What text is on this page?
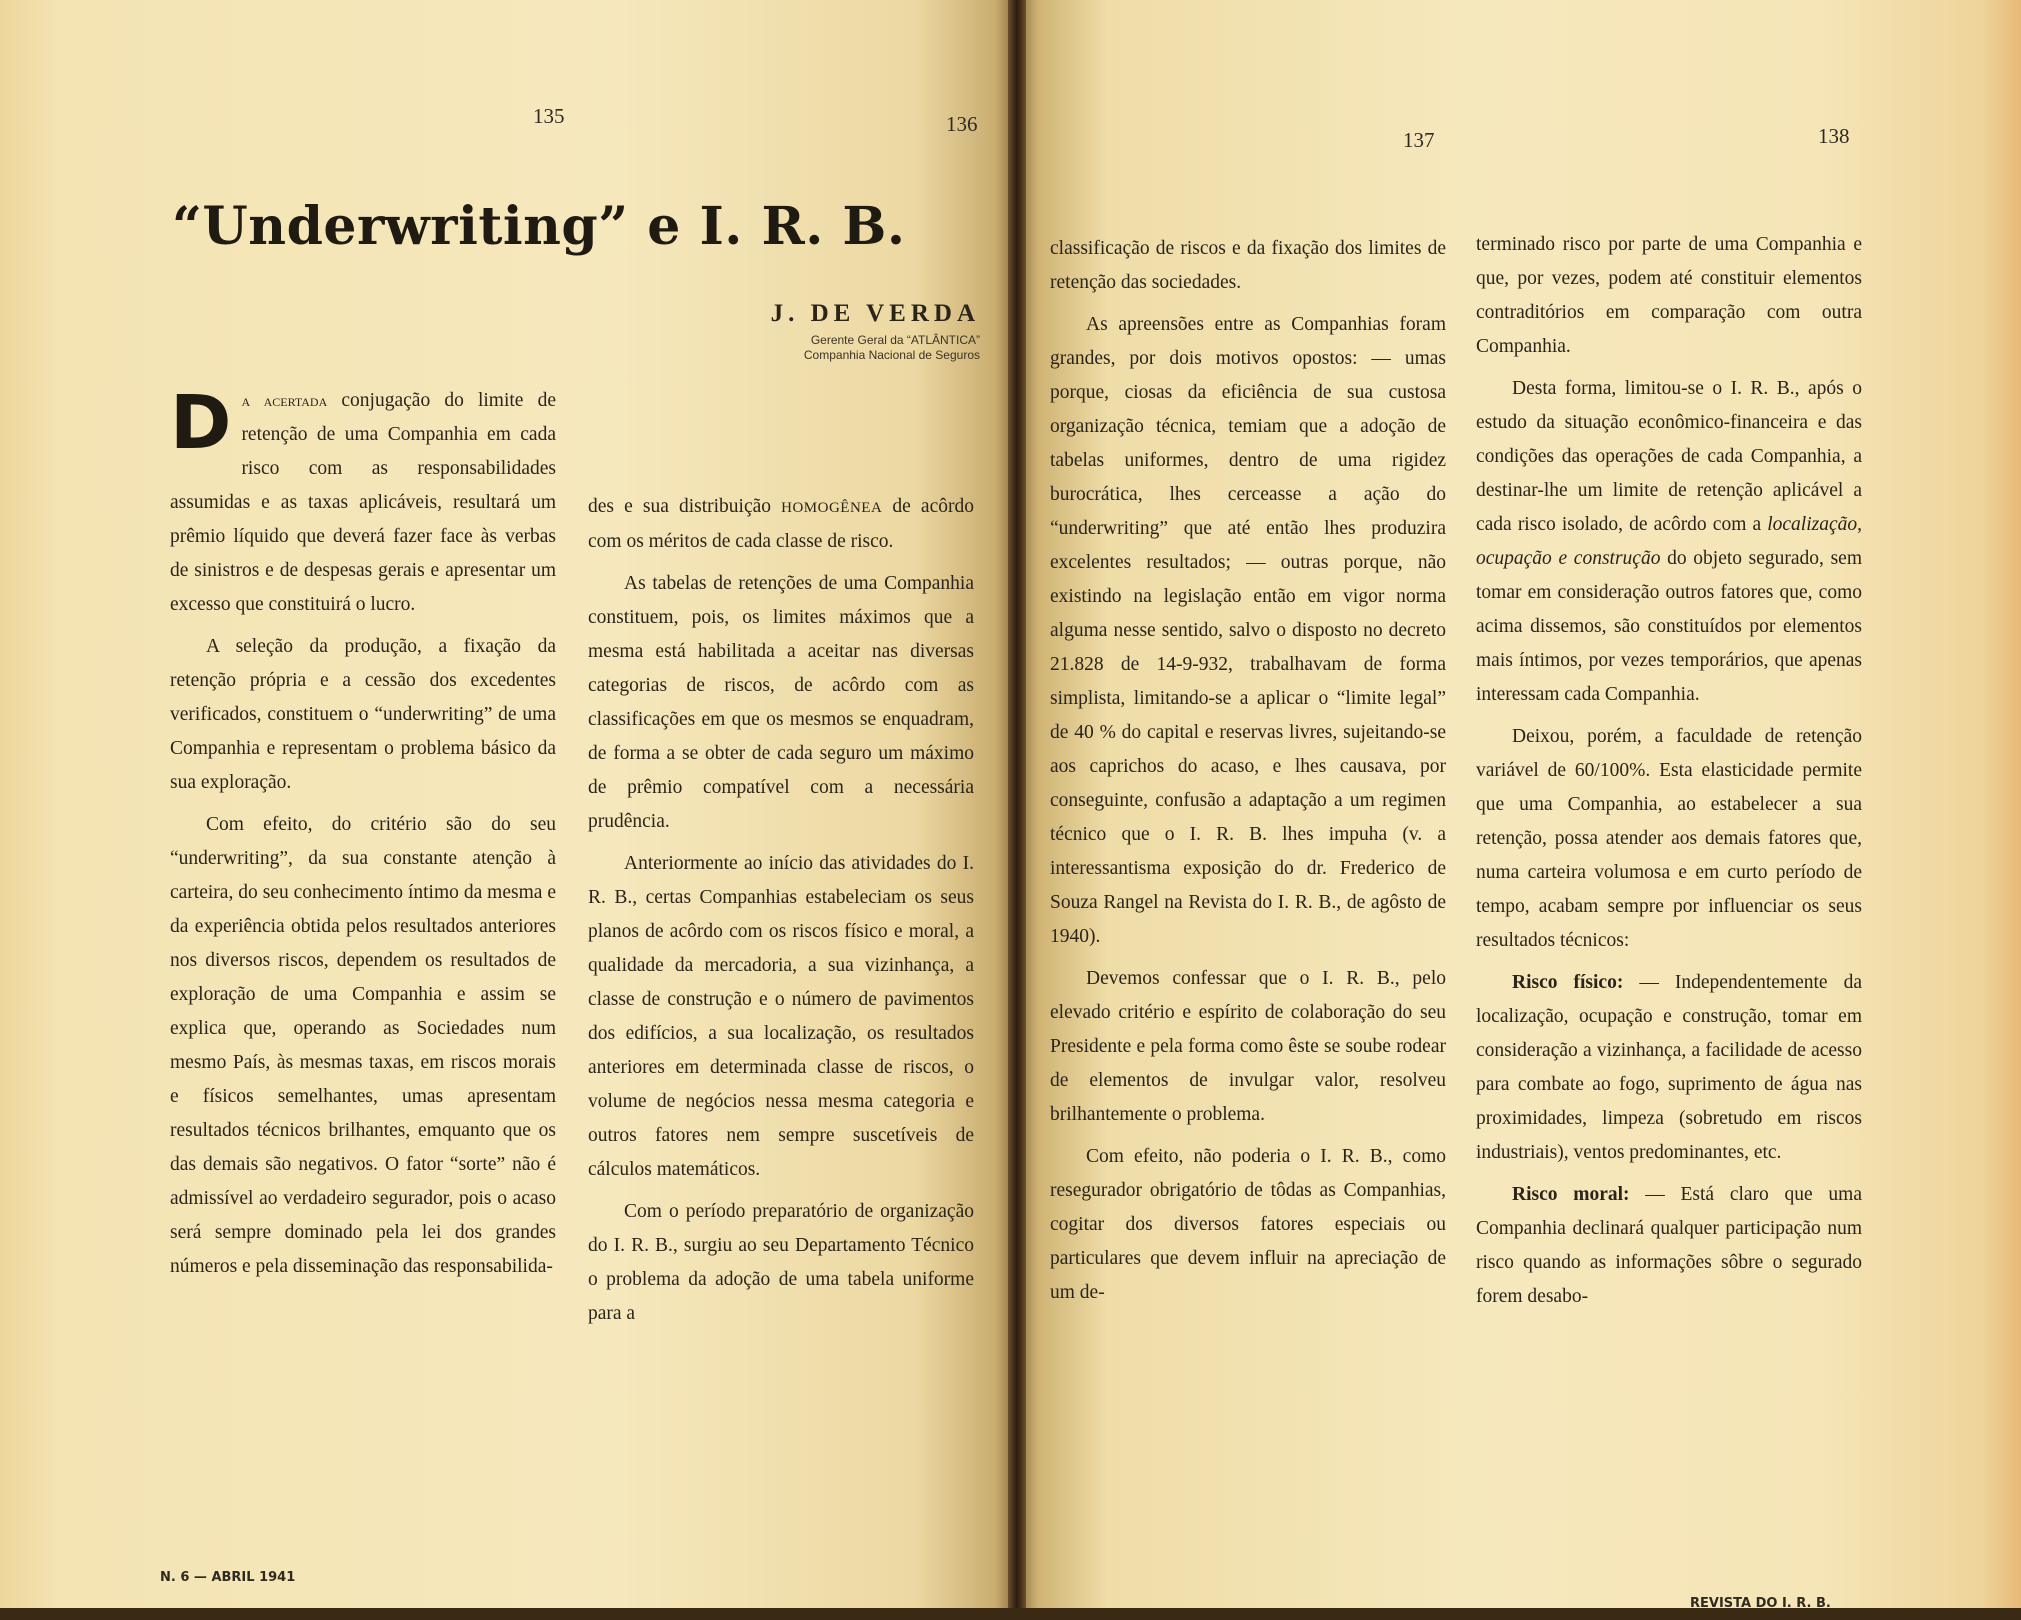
135	136
137	138
“Underwriting” e I. R. B.

J. DE VERDA

Gerente Geral da “ATLÂNTICA”
Companhia Nacional de Seguros

Da acertada conjugação do limite de retenção de uma Companhia em cada risco com as responsabilidades assumidas e as taxas aplicáveis, resultará um prêmio líquido que deverá fazer face às verbas de sinistros e de despesas gerais e apresentar um excesso que constituirá o lucro.

A seleção da produção, a fixação da retenção própria e a cessão dos excedentes verificados, constituem o “underwriting” de uma Companhia e representam o problema básico da sua exploração.

Com efeito, do critério são do seu “underwriting”, da sua constante atenção à carteira, do seu conhecimento íntimo da mesma e da experiência obtida pelos resultados anteriores nos diversos riscos, dependem os resultados de exploração de uma Companhia e assim se explica que, operando as Sociedades num mesmo País, às mesmas taxas, em riscos morais e físicos semelhantes, umas apresentam resultados técnicos brilhantes, emquanto que os das demais são negativos. O fator “sorte” não é admissível ao verdadeiro segurador, pois o acaso será sempre dominado pela lei dos grandes números e pela disseminação das responsabilida-

des e sua distribuição HOMOGÊNEA de acôrdo com os méritos de cada classe de risco.

As tabelas de retenções de uma Companhia constituem, pois, os limites máximos que a mesma está habilitada a aceitar nas diversas categorias de riscos, de acôrdo com as classificações em que os mesmos se enquadram, de forma a se obter de cada seguro um máximo de prêmio compatível com a necessária prudência.

Anteriormente ao início das atividades do I. R. B., certas Companhias estabeleciam os seus planos de acôrdo com os riscos físico e moral, a qualidade da mercadoria, a sua vizinhança, a classe de construção e o número de pavimentos dos edifícios, a sua localização, os resultados anteriores em determinada classe de riscos, o volume de negócios nessa mesma categoria e outros fatores nem sempre suscetíveis de cálculos matemáticos.

Com o período preparatório de organização do I. R. B., surgiu ao seu Departamento Técnico o problema da adoção de uma tabela uniforme para a

classificação de riscos e da fixação dos limites de retenção das sociedades.

As apreensões entre as Companhias foram grandes, por dois motivos opostos: — umas porque, ciosas da eficiência de sua custosa organização técnica, temiam que a adoção de tabelas uniformes, dentro de uma rigidez burocrática, lhes cerceasse a ação do “underwriting” que até então lhes produzira excelentes resultados; — outras porque, não existindo na legislação então em vigor norma alguma nesse sentido, salvo o disposto no decreto 21.828 de 14-9-932, trabalhavam de forma simplista, limitando-se a aplicar o “limite legal” de 40 % do capital e reservas livres, sujeitando-se aos caprichos do acaso, e lhes causava, por conseguinte, confusão a adaptação a um regimen técnico que o I. R. B. lhes impuha (v. a interessantisma exposição do dr. Frederico de Souza Rangel na Revista do I. R. B., de agôsto de 1940).

Devemos confessar que o I. R. B., pelo elevado critério e espírito de colaboração do seu Presidente e pela forma como êste se soube rodear de elementos de invulgar valor, resolveu brilhantemente o problema.

Com efeito, não poderia o I. R. B., como resegurador obrigatório de tôdas as Companhias, cogitar dos diversos fatores especiais ou particulares que devem influir na apreciação de um de-

terminado risco por parte de uma Companhia e que, por vezes, podem até constituir elementos contraditórios em comparação com outra Companhia.

Desta forma, limitou-se o I. R. B., após o estudo da situação econômico-financeira e das condições das operações de cada Companhia, a destinar-lhe um limite de retenção aplicável a cada risco isolado, de acôrdo com a localização, ocupação e construção do objeto segurado, sem tomar em consideração outros fatores que, como acima dissemos, são constituídos por elementos mais íntimos, por vezes temporários, que apenas interessam cada Companhia.

Deixou, porém, a faculdade de retenção variável de 60/100%. Esta elasticidade permite que uma Companhia, ao estabelecer a sua retenção, possa atender aos demais fatores que, numa carteira volumosa e em curto período de tempo, acabam sempre por influenciar os seus resultados técnicos:

Risco físico: — Independentemente da localização, ocupação e construção, tomar em consideração a vizinhança, a facilidade de acesso para combate ao fogo, suprimento de água nas proximidades, limpeza (sobretudo em riscos industriais), ventos predominantes, etc.

Risco moral: — Está claro que uma Companhia declinará qualquer participação num risco quando as informações sôbre o segurado forem desabo-

N. 6 — ABRIL 1941
REVISTA DO I. R. B.
